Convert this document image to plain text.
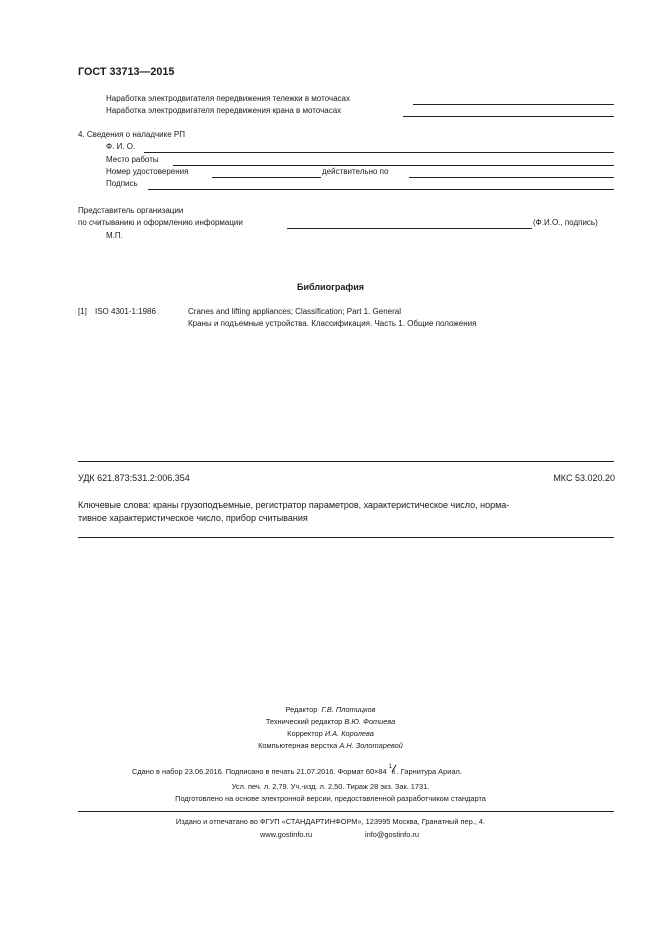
ГОСТ 33713—2015
Наработка электродвигателя передвижения тележки в моточасах
Наработка электродвигателя передвижения крана в моточасах
4. Сведения о наладчике РП
Ф. И. О.
Место работы
Номер удостоверения	действительно по
Подпись
Представитель организации
по считыванию и оформлению информации	(Ф.И.О., подпись)
М.П.
Библиография
[1] ISO 4301-1:1986	Cranes and lifting appliances; Classification; Part 1. General
Краны и подъемные устройства. Классификация. Часть 1. Общие положения
УДК 621.873:531.2:006.354	МКС 53.020.20
Ключевые слова: краны грузоподъемные, регистратор параметров, характеристическое число, норма-
тивное характеристическое число, прибор считывания
Редактор Г.В. Плотицков
Технический редактор В.Ю. Фотиева
Корректор И.А. Королева
Компьютерная верстка А.Н. Золотаревой
Сдано в набор 23.06.2016. Подписано в печать 21.07.2016. Формат 60×84 1
8 . Гарнитура Ариал.
Усл. печ. л. 2,79. Уч.-изд. л. 2,50. Тираж 28 экз. Зак. 1731.
Подготовлено на основе электронной версии, предоставленной разработчиком стандарта
Издано и отпечатано во ФГУП «СТАНДАРТИНФОРМ», 123995 Москва, Гранатный пер., 4.
www.gostinfo.ru	info@gostinfo.ru
